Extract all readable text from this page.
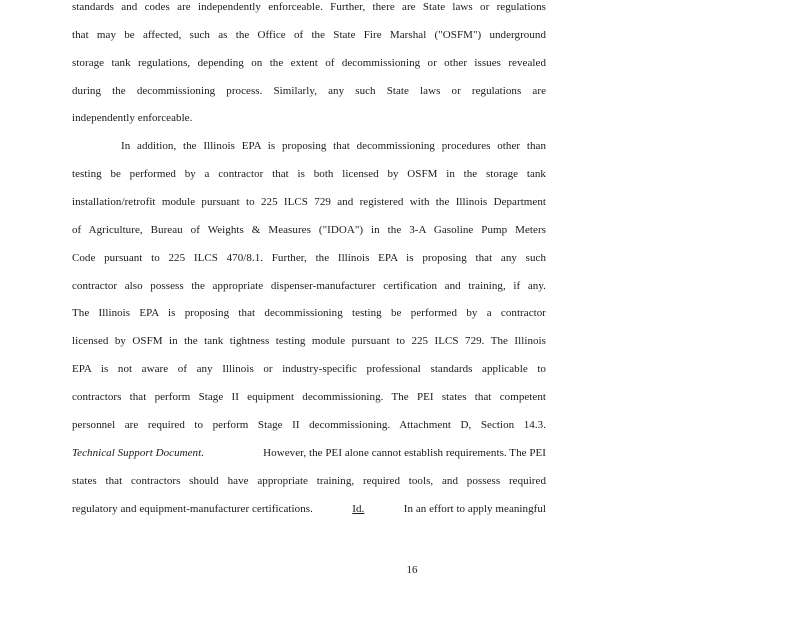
standards and codes are independently enforceable. Further, there are State laws or regulations
that may be affected, such as the Office of the State Fire Marshal ("OSFM") underground
storage tank regulations, depending on the extent of decommissioning or other issues revealed
during the decommissioning process. Similarly, any such State laws or regulations are
independently enforceable.
In addition, the Illinois EPA is proposing that decommissioning procedures other than
testing be performed by a contractor that is both licensed by OSFM in the storage tank
installation/retrofit module pursuant to 225 ILCS 729 and registered with the Illinois Department
of Agriculture, Bureau of Weights & Measures ("IDOA") in the 3-A Gasoline Pump Meters
Code pursuant to 225 ILCS 470/8.1. Further, the Illinois EPA is proposing that any such
contractor also possess the appropriate dispenser-manufacturer certification and training, if any.
The Illinois EPA is proposing that decommissioning testing be performed by a contractor
licensed by OSFM in the tank tightness testing module pursuant to 225 ILCS 729. The Illinois
EPA is not aware of any Illinois or industry-specific professional standards applicable to
contractors that perform Stage II equipment decommissioning. The PEI states that competent
personnel are required to perform Stage II decommissioning. Attachment D, Section 14.3.
Technical Support Document.	However, the PEI alone cannot establish requirements. The PEI
states that contractors should have appropriate training, required tools, and possess required
regulatory and equipment-manufacturer certifications.	Id.	In an effort to apply meaningful
16
